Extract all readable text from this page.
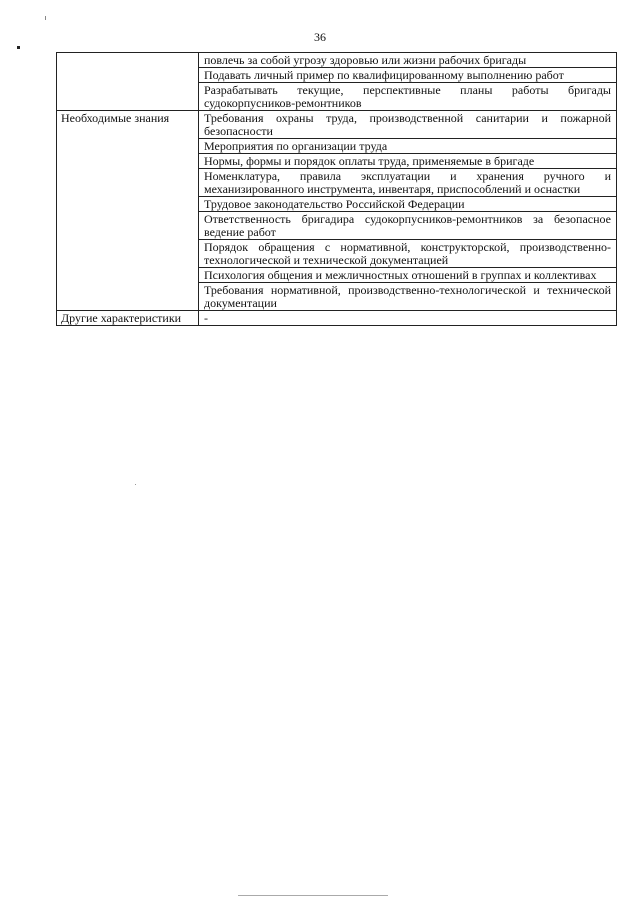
36
	повлечь за собой угрозу здоровью или жизни рабочих бригады
	Подавать личный пример по квалифицированному выполнению работ
	Разрабатывать текущие, перспективные планы работы бригады судокорпусников-ремонтников
Необходимые знания	Требования охраны труда, производственной санитарии и пожарной безопасности
	Мероприятия по организации труда
	Нормы, формы и порядок оплаты труда, применяемые в бригаде
	Номенклатура, правила эксплуатации и хранения ручного и механизированного инструмента, инвентаря, приспособлений и оснастки
	Трудовое законодательство Российской Федерации
	Ответственность бригадира судокорпусников-ремонтников за безопасное ведение работ
	Порядок обращения с нормативной, конструкторской, производственно-технологической и технической документацией
	Психология общения и межличностных отношений в группах и коллективах
	Требования нормативной, производственно-технологической и технической документации
Другие характеристики	-
